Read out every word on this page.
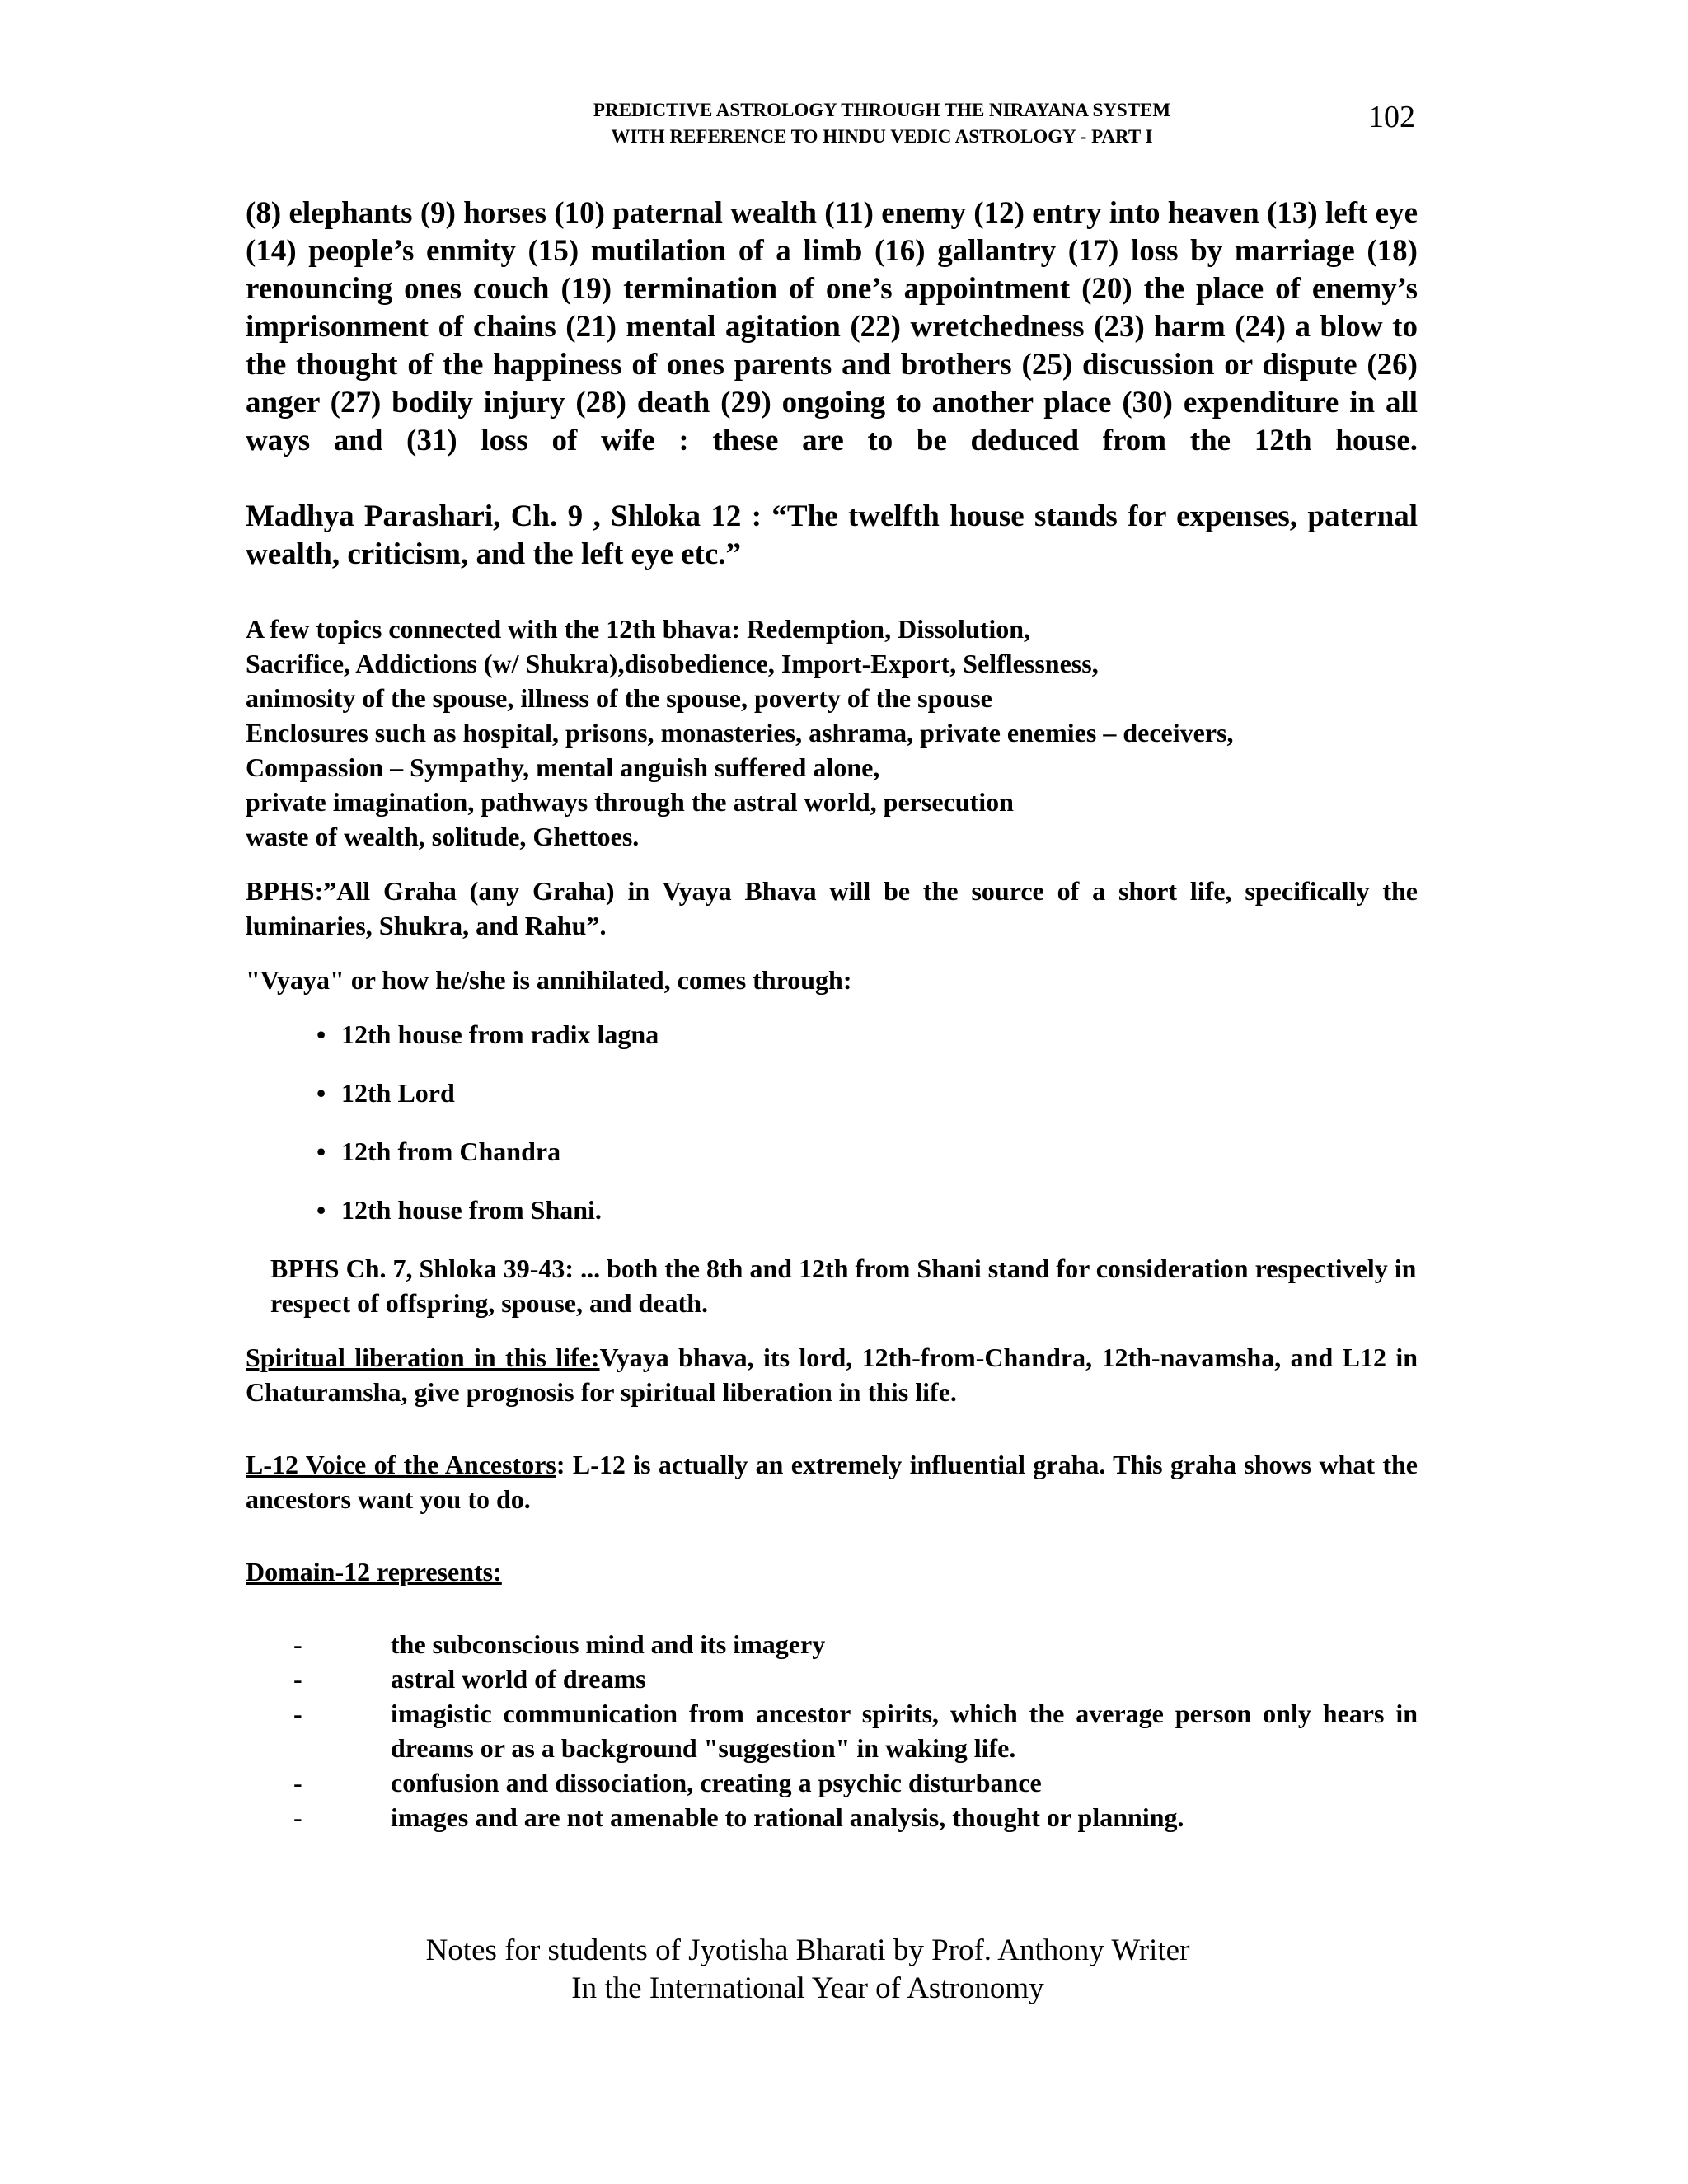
PREDICTIVE ASTROLOGY THROUGH THE NIRAYANA SYSTEM
WITH REFERENCE TO HINDU VEDIC ASTROLOGY - PART I
102

(8) elephants (9) horses (10) paternal wealth (11) enemy (12) entry into heaven (13) left eye (14) people’s enmity (15) mutilation of a limb (16) gallantry (17) loss by marriage (18) renouncing ones couch (19) termination of one’s appointment (20) the place of enemy’s imprisonment of chains (21) mental agitation (22) wretchedness (23) harm (24) a blow to the thought of the happiness of ones parents and brothers (25) discussion or dispute (26) anger (27) bodily injury (28) death (29) ongoing to another place (30) expenditure in all ways and (31) loss of wife : these are to be deduced from the 12th house.

Madhya Parashari, Ch. 9 , Shloka 12 : “The twelfth house stands for expenses, paternal wealth, criticism, and the left eye etc.”

A few topics connected with the 12th bhava: Redemption, Dissolution,

Sacrifice, Addictions (w/ Shukra),disobedience, Import-Export, Selflessness,

animosity of the spouse, illness of the spouse, poverty of the spouse

Enclosures such as hospital, prisons, monasteries, ashrama, private enemies – deceivers,

Compassion – Sympathy, mental anguish suffered alone,

private imagination, pathways through the astral world, persecution

waste of wealth, solitude, Ghettoes.

BPHS:”All Graha (any Graha) in Vyaya Bhava will be the source of a short life, specifically the luminaries, Shukra, and Rahu”.

"Vyaya" or how he/she is annihilated, comes through:

• 12th house from radix lagna
• 12th Lord
• 12th from Chandra
• 12th house from Shani.

BPHS Ch. 7, Shloka 39-43: ... both the 8th and 12th from Shani stand for consideration respectively in respect of offspring, spouse, and death.

Spiritual liberation in this life:Vyaya bhava, its lord, 12th-from-Chandra, 12th-navamsha, and L12 in Chaturamsha, give prognosis for spiritual liberation in this life.

L-12 Voice of the Ancestors: L-12 is actually an extremely influential graha. This graha shows what the ancestors want you to do.

Domain-12 represents:

-	the subconscious mind and its imagery
-	astral world of dreams
-	imagistic communication from ancestor spirits, which the average person only hears in dreams or as a background "suggestion" in waking life.
-	confusion and dissociation, creating a psychic disturbance
-	images and are not amenable to rational analysis, thought or planning.
Notes for students of Jyotisha Bharati by Prof. Anthony Writer
In the International Year of Astronomy
